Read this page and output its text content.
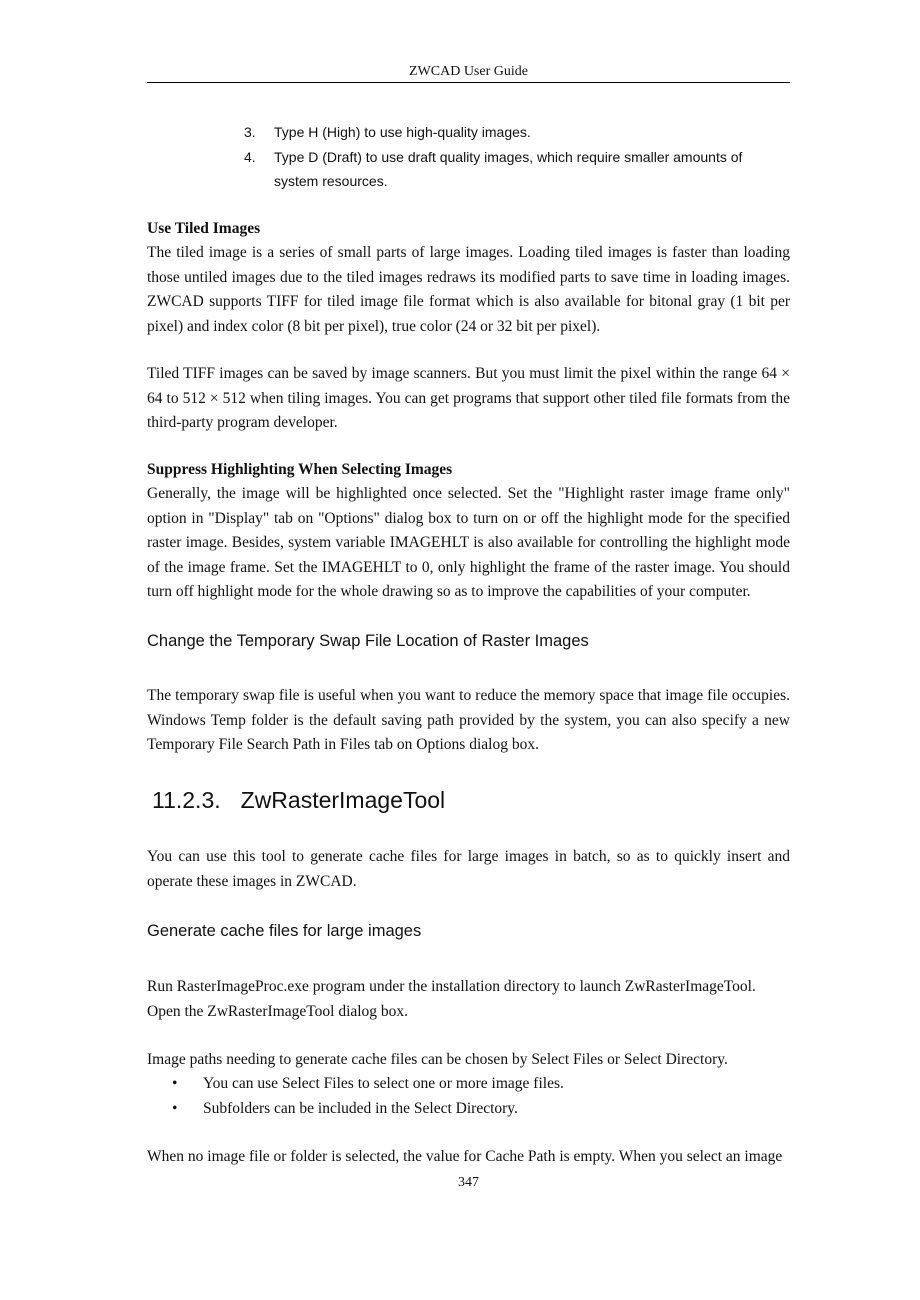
ZWCAD User Guide
3.	Type H (High) to use high-quality images.
4.	Type D (Draft) to use draft quality images, which require smaller amounts of system resources.
Use Tiled Images
The tiled image is a series of small parts of large images. Loading tiled images is faster than loading those untiled images due to the tiled images redraws its modified parts to save time in loading images. ZWCAD supports TIFF for tiled image file format which is also available for bitonal gray (1 bit per pixel) and index color (8 bit per pixel), true color (24 or 32 bit per pixel).
Tiled TIFF images can be saved by image scanners. But you must limit the pixel within the range 64 × 64 to 512 × 512 when tiling images. You can get programs that support other tiled file formats from the third-party program developer.
Suppress Highlighting When Selecting Images
Generally, the image will be highlighted once selected. Set the "Highlight raster image frame only" option in "Display" tab on "Options" dialog box to turn on or off the highlight mode for the specified raster image. Besides, system variable IMAGEHLT is also available for controlling the highlight mode of the image frame. Set the IMAGEHLT to 0, only highlight the frame of the raster image. You should turn off highlight mode for the whole drawing so as to improve the capabilities of your computer.
Change the Temporary Swap File Location of Raster Images
The temporary swap file is useful when you want to reduce the memory space that image file occupies. Windows Temp folder is the default saving path provided by the system, you can also specify a new Temporary File Search Path in Files tab on Options dialog box.
11.2.3. ZwRasterImageTool
You can use this tool to generate cache files for large images in batch, so as to quickly insert and operate these images in ZWCAD.
Generate cache files for large images
Run RasterImageProc.exe program under the installation directory to launch ZwRasterImageTool. Open the ZwRasterImageTool dialog box.
Image paths needing to generate cache files can be chosen by Select Files or Select Directory.
•	You can use Select Files to select one or more image files.
•	Subfolders can be included in the Select Directory.
When no image file or folder is selected, the value for Cache Path is empty. When you select an image
347
